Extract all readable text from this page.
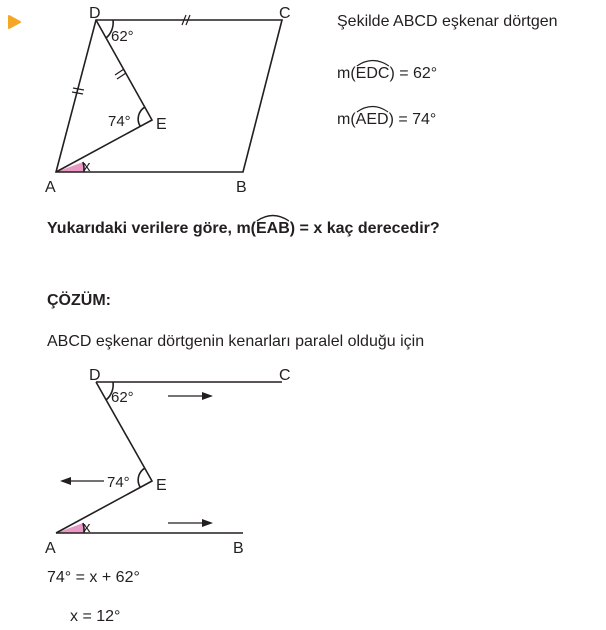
D	C
A	B
E
x
62°
74°
D	C
A	B
E
x
62°
74°
Şekilde ABCD eşkenar dörtgen
m(
EDC) = 62°
m(
AED) = 74°
Yukarıdaki verilere göre, m(
EAB) = x kaç derecedir?
ÇÖZÜM:
ABCD eşkenar dörtgenin kenarları paralel olduğu için
74° = x + 62°
x = 12°
